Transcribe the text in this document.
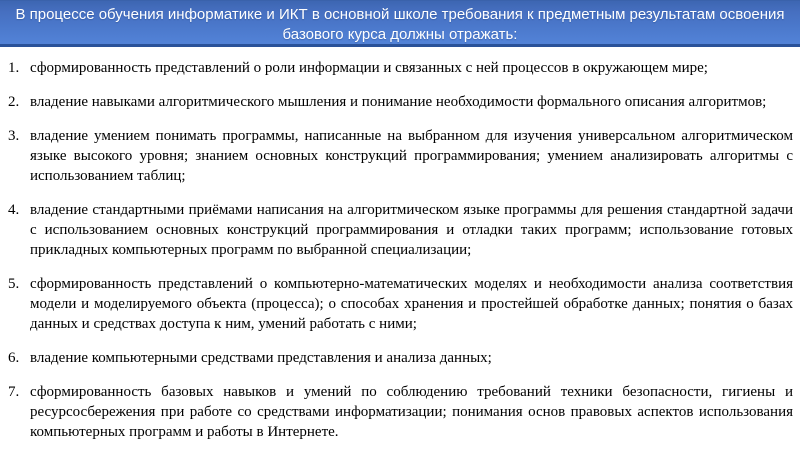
В процессе обучения информатике и ИКТ в основной школе требования к предметным результатам освоения базового курса должны отражать:
1. сформированность представлений о роли информации и связанных с ней процессов в окружающем мире;
2. владение навыками алгоритмического мышления и понимание необходимости формального описания алгоритмов;
3. владение умением понимать программы, написанные на выбранном для изучения универсальном алгоритмическом языке высокого уровня; знанием основных конструкций программирования; умением анализировать алгоритмы с использованием таблиц;
4. владение стандартными приёмами написания на алгоритмическом языке программы для решения стандартной задачи с использованием основных конструкций программирования и отладки таких программ; использование готовых прикладных компьютерных программ по выбранной специализации;
5. сформированность представлений о компьютерно-математических моделях и необходимости анализа соответствия модели и моделируемого объекта (процесса); о способах хранения и простейшей обработке данных; понятия о базах данных и средствах доступа к ним, умений работать с ними;
6. владение компьютерными средствами представления и анализа данных;
7. сформированность базовых навыков и умений по соблюдению требований техники безопасности, гигиены и ресурсосбережения при работе со средствами информатизации; понимания основ правовых аспектов использования компьютерных программ и работы в Интернете.
